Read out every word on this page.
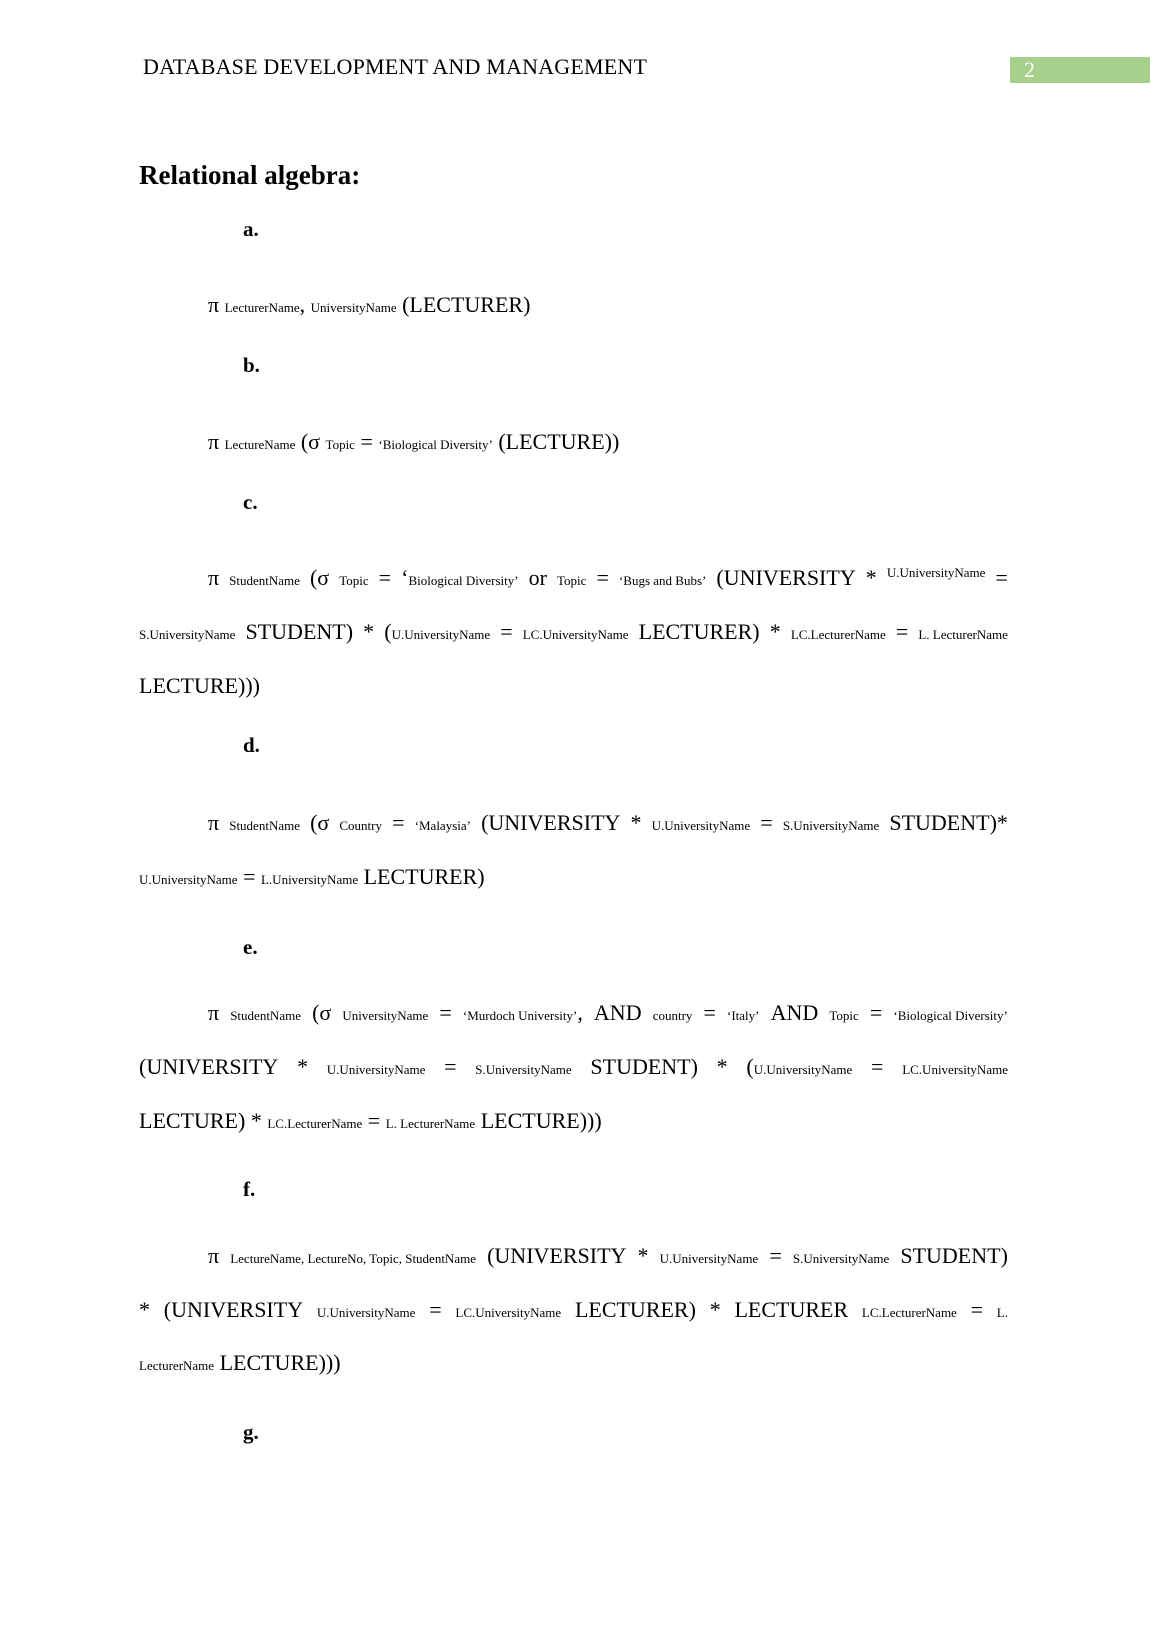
DATABASE DEVELOPMENT AND MANAGEMENT	2
Relational algebra:
a.
π LecturerName, UniversityName (LECTURER)
b.
π LectureName (σ Topic = ‘Biological Diversity’ (LECTURE))
c.
π StudentName (σ Topic = ‘Biological Diversity’ or Topic = ‘Bugs and Bubs’ (UNIVERSITY * U.UniversityName =
S.UniversityName STUDENT) * (U.UniversityName = LC.UniversityName LECTURER) * LC.LecturerName = L. LecturerName
LECTURE)))
d.
π StudentName (σ Country = ‘Malaysia’ (UNIVERSITY * U.UniversityName = S.UniversityName STUDENT)*
U.UniversityName = L.UniversityName LECTURER)
e.
π StudentName (σ UniversityName = ‘Murdoch University’, AND country = ‘Italy’ AND Topic = ‘Biological Diversity’
(UNIVERSITY * U.UniversityName = S.UniversityName STUDENT) * (U.UniversityName = LC.UniversityName
LECTURE) * LC.LecturerName = L. LecturerName LECTURE)))
f.
π LectureName, LectureNo, Topic, StudentName (UNIVERSITY * U.UniversityName = S.UniversityName STUDENT)
* (UNIVERSITY U.UniversityName = LC.UniversityName LECTURER) * LECTURER LC.LecturerName = L.
LecturerName LECTURE)))
g.
